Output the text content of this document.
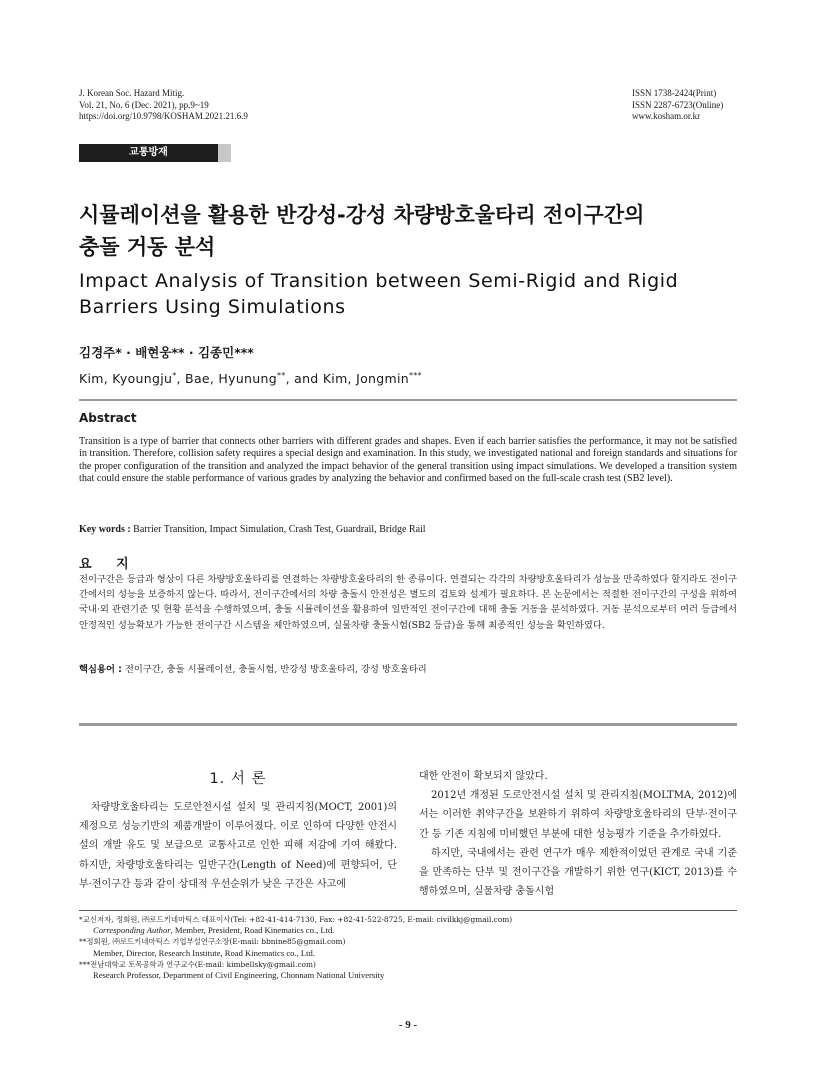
J. Korean Soc. Hazard Mitig.
Vol. 21, No. 6 (Dec. 2021), pp.9~19
https://doi.org/10.9798/KOSHAM.2021.21.6.9
ISSN 1738-2424(Print)
ISSN 2287-6723(Online)
www.kosham.or.kr
교통방재
시뮬레이션을 활용한 반강성-강성 차량방호울타리 전이구간의
충돌 거동 분석
Impact Analysis of Transition between Semi-Rigid and Rigid
Barriers Using Simulations
김경주* · 배현웅** · 김종민***
Kim, Kyoungju*, Bae, Hyunung**, and Kim, Jongmin***
Abstract
Transition is a type of barrier that connects other barriers with different grades and shapes. Even if each barrier satisfies the performance, it may not be satisfied in transition. Therefore, collision safety requires a special design and examination. In this study, we investigated national and foreign standards and situations for the proper configuration of the transition and analyzed the impact behavior of the general transition using impact simulations. We developed a transition system that could ensure the stable performance of various grades by analyzing the behavior and confirmed based on the full-scale crash test (SB2 level).
Key words : Barrier Transition, Impact Simulation, Crash Test, Guardrail, Bridge Rail
요 지
전이구간은 등급과 형상이 다른 차량방호울타리를 연결하는 차량방호울타리의 한 종류이다. 연결되는 각각의 차량방호울타리가 성능을 만족하였다 할지라도 전이구간에서의 성능을 보증하지 않는다. 따라서, 전이구간에서의 차량 충돌시 안전성은 별도의 검토와 설계가 필요하다. 본 논문에서는 적절한 전이구간의 구성을 위하여 국내·외 관련기준 및 현황 분석을 수행하였으며, 충돌 시뮬레이션을 활용하여 일반적인 전이구간에 대해 충돌 거동을 분석하였다. 거동 분석으로부터 여러 등급에서 안정적인 성능확보가 가능한 전이구간 시스템을 제안하였으며, 실물차량 충돌시험(SB2 등급)을 통해 최종적인 성능을 확인하였다.
핵심용어 : 전이구간, 충돌 시뮬레이션, 충돌시험, 반강성 방호울타리, 강성 방호울타리
1. 서 론

차량방호울타리는 도로안전시설 설치 및 관리지침(MOCT, 2001)의 제정으로 성능기반의 제품개발이 이루어졌다. 이로 인하여 다양한 안전시설의 개발 유도 및 보급으로 교통사고로 인한 피해 저감에 기여 해왔다. 하지만, 차량방호울타리는 일반구간(Length of Need)에 편향되어, 단부·전이구간 등과 같이 상대적 우선순위가 낮은 구간은 사고에

대한 안전이 확보되지 않았다.

2012년 개정된 도로안전시설 설치 및 관리지침(MOLTMA, 2012)에서는 이러한 취약구간을 보완하기 위하여 차량방호울타리의 단부·전이구간 등 기존 지침에 미비했던 부분에 대한 성능평가 기준을 추가하였다.

하지만, 국내에서는 관련 연구가 매우 제한적이었던 관계로 국내 기준을 만족하는 단부 및 전이구간을 개발하기 위한 연구(KICT, 2013)를 수행하였으며, 실물차량 충돌시험

*교신저자, 정회원, ㈜로드키네마틱스 대표이사(Tel: +82-41-414-7130, Fax: +82-41-522-8725, E-mail: civilkkj@gmail.com)
Corresponding Author, Member, President, Road Kinematics co., Ltd.
**정회원, ㈜로드키네마틱스 기업부설연구소장(E-mail: bbnine85@gmail.com)
Member, Director, Research Institute, Road Kinematics co., Ltd.
***전남대학교 토목공학과 연구교수(E-mail: kimbellsky@gmail.com)
Research Professor, Department of Civil Engineering, Chonnam National University
- 9 -
